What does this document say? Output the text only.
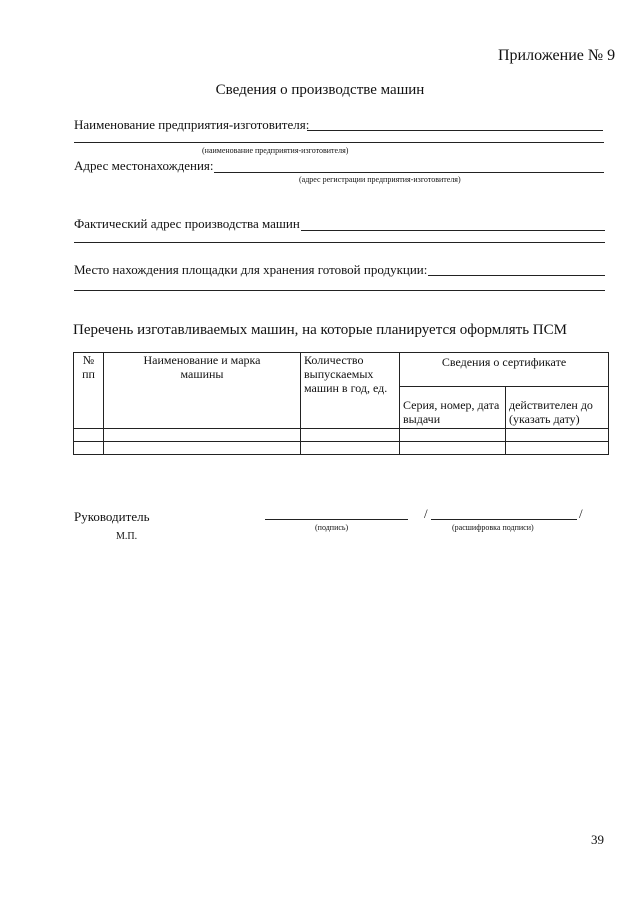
Приложение № 9
Сведения о производстве машин
Наименование предприятия-изготовителя:
(наименование предприятия-изготовителя)
Адрес местонахождения:
(адрес регистрации предприятия-изготовителя)
Фактический адрес производства машин
Место нахождения площадки для хранения готовой продукции:
Перечень изготавливаемых машин, на которые планируется оформлять ПСМ
№ пп	Наименование и марка машины	Количество выпускаемых машин в год, ед.	Сведения о сертификате	
			Серия, номер, дата выдачи	действителен до (указать дату)

Руководитель
(подпись)
/	/
(расшифровка подписи)
М.П.
39
